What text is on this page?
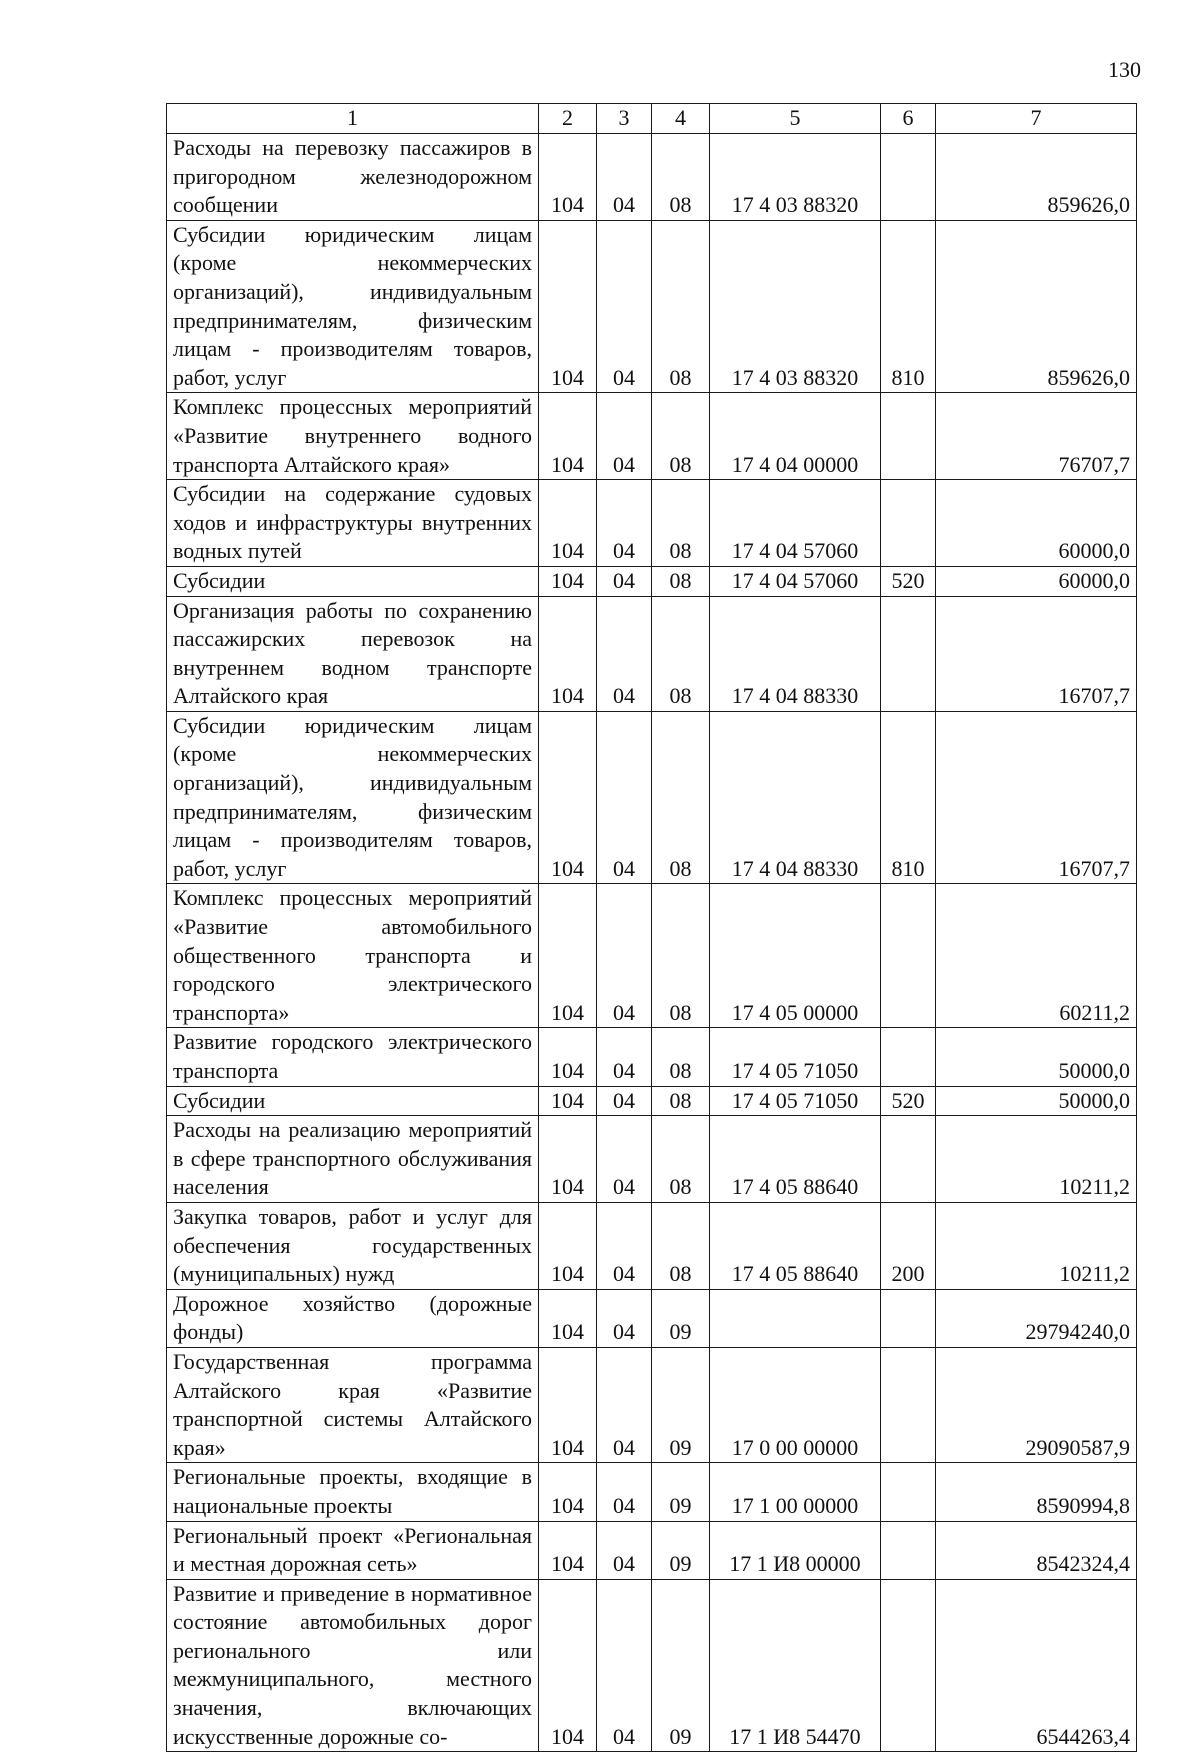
130
1	2	3	4	5	6	7
Расходы на перевозку пассажиров в пригородном железнодорожном сообщении	104	04	08	17 4 03 88320		859626,0
Субсидии юридическим лицам (кроме некоммерческих организаций), индивидуальным предпринимателям, физическим лицам - производителям товаров, работ, услуг	104	04	08	17 4 03 88320	810	859626,0
Комплекс процессных мероприятий «Развитие внутреннего водного транспорта Алтайского края»	104	04	08	17 4 04 00000		76707,7
Субсидии на содержание судовых ходов и инфраструктуры внутренних водных путей	104	04	08	17 4 04 57060		60000,0
Субсидии	104	04	08	17 4 04 57060	520	60000,0
Организация работы по сохранению пассажирских перевозок на внутреннем водном транспорте Алтайского края	104	04	08	17 4 04 88330		16707,7
Субсидии юридическим лицам (кроме некоммерческих организаций), индивидуальным предпринимателям, физическим лицам - производителям товаров, работ, услуг	104	04	08	17 4 04 88330	810	16707,7
Комплекс процессных мероприятий «Развитие автомобильного общественного транспорта и городского электрического транспорта»	104	04	08	17 4 05 00000		60211,2
Развитие городского электрического транспорта	104	04	08	17 4 05 71050		50000,0
Субсидии	104	04	08	17 4 05 71050	520	50000,0
Расходы на реализацию мероприятий в сфере транспортного обслуживания населения	104	04	08	17 4 05 88640		10211,2
Закупка товаров, работ и услуг для обеспечения государственных (муниципальных) нужд	104	04	08	17 4 05 88640	200	10211,2
Дорожное хозяйство (дорожные фонды)	104	04	09			29794240,0
Государственная программа Алтайского края «Развитие транспортной системы Алтайского края»	104	04	09	17 0 00 00000		29090587,9
Региональные проекты, входящие в национальные проекты	104	04	09	17 1 00 00000		8590994,8
Региональный проект «Региональная и местная дорожная сеть»	104	04	09	17 1 И8 00000		8542324,4
Развитие и приведение в нормативное состояние автомобильных дорог регионального или межмуниципального, местного значения, включающих искусственные дорожные со-	104	04	09	17 1 И8 54470		6544263,4
